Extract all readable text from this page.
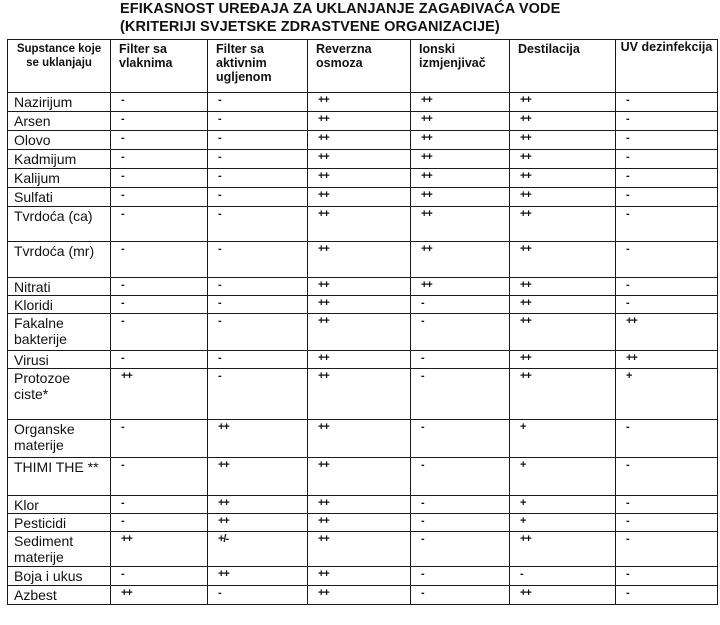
EFIKASNOST UREĐAJA ZA UKLANJANJE ZAGAĐIVAĆA VODE
(KRITERIJI SVJETSKE ZDRASTVENE ORGANIZACIJE)
Supstance koje se uklanjaju	Filter sa vlaknima	Filter sa aktivnim ugljenom	Reverzna osmoza	Ionski izmjenjivač	Destilacija	UV dezinfekcija
Nazirijum	-	-	++	++	++	-
Arsen	-	-	++	++	++	-
Olovo	-	-	++	++	++	-
Kadmijum	-	-	++	++	++	-
Kalijum	-	-	++	++	++	-
Sulfati	-	-	++	++	++	-
Tvrdoća (ca)	-	-	++	++	++	-
Tvrdoća (mr)	-	-	++	++	++	-
Nitrati	-	-	++	++	++	-
Kloridi	-	-	++	-	++	-
Fakalne bakterije	-	-	++	-	++	++
Virusi	-	-	++	-	++	++
Protozoe ciste*	++	-	++	-	++	+
Organske materije	-	++	++	-	+	-
THIMI THE **	-	++	++	-	+	-
Klor	-	++	++	-	+	-
Pesticidi	-	++	++	-	+	-
Sediment materije	++	+/-	++	-	++	-
Boja i ukus	-	++	++	-	-	-
Azbest	++	-	++	-	++	-
